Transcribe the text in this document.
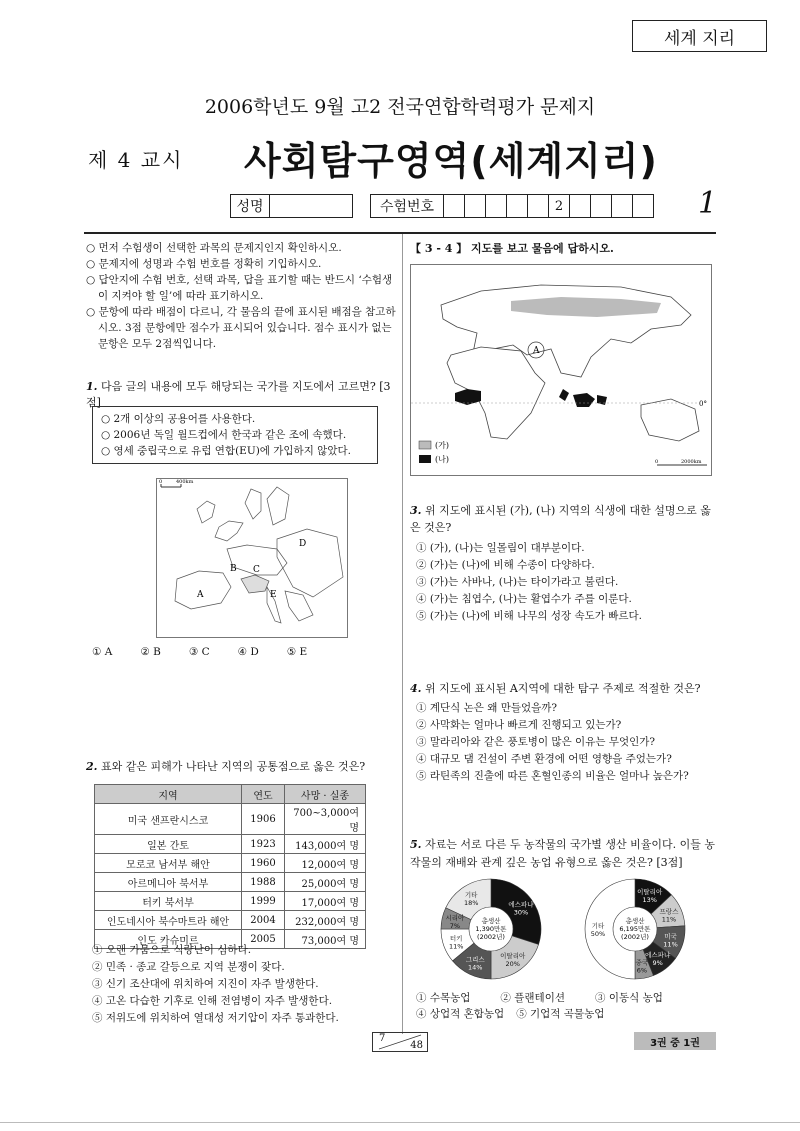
세계 지리
2006학년도 9월 고2 전국연합학력평가 문제지
제 4 교시 사회탐구영역(세계지리)
성명	수험번호	2	1
○ 먼저 수험생이 선택한 과목의 문제지인지 확인하시오.
○ 문제지에 성명과 수험 번호를 정확히 기입하시오.
○ 답안지에 수험 번호, 선택 과목, 답을 표기할 때는 반드시 ‘수험생이 지켜야 할 일’에 따라 표기하시오.
○ 문항에 따라 배점이 다르니, 각 물음의 끝에 표시된 배점을 참고하시오. 3점 문항에만 점수가 표시되어 있습니다. 점수 표시가 없는 문항은 모두 2점씩입니다.
1. 다음 글의 내용에 모두 해당되는 국가를 지도에서 고르면? [3점]
○ 2개 이상의 공용어를 사용한다.
○ 2006년 독일 월드컵에서 한국과 같은 조에 속했다.
○ 영세 중립국으로 유럽 연합(EU)에 가입하지 않았다.
0	400km
A
B C
D
E
① A	② B	③ C	④ D	⑤ E
2. 표와 같은 피해가 나타난 지역의 공통점으로 옳은 것은?
지역	연도	사망 · 실종
미국 샌프란시스코	1906	700~3,000여 명
일본 간토	1923	143,000여 명
모로코 남서부 해안	1960	12,000여 명
아르메니아 북서부	1988	25,000여 명
터키 북서부	1999	17,000여 명
인도네시아 북수마트라 해안	2004	232,000여 명
인도 카슈미르	2005	73,000여 명
① 오랜 가뭄으로 식량난이 심하다.
② 민족 · 종교 갈등으로 지역 분쟁이 잦다.
③ 신기 조산대에 위치하여 지진이 자주 발생한다.
④ 고온 다습한 기후로 인해 전염병이 자주 발생한다.
⑤ 저위도에 위치하여 열대성 저기압이 자주 통과한다.
【 3 - 4 】 지도를 보고 물음에 답하시오.
A
0°
0	2000km
(가)
(나)
3. 위 지도에 표시된 (가), (나) 지역의 식생에 대한 설명으로 옳은 것은?
① (가), (나)는 일몰림이 대부분이다.
② (가)는 (나)에 비해 수종이 다양하다.
③ (가)는 사바나, (나)는 타이가라고 불린다.
④ (가)는 침엽수, (나)는 활엽수가 주를 이룬다.
⑤ (가)는 (나)에 비해 나무의 성장 속도가 빠르다.
4. 위 지도에 표시된 A지역에 대한 탐구 주제로 적절한 것은?
① 계단식 논은 왜 만들었을까?
② 사막화는 얼마나 빠르게 진행되고 있는가?
③ 말라리아와 같은 풍토병이 많은 이유는 무엇인가?
④ 대규모 댐 건설이 주변 환경에 어떤 영향을 주었는가?
⑤ 라틴족의 진출에 따른 혼혈인종의 비율은 얼마나 높은가?
5. 자료는 서로 다른 두 농작물의 국가별 생산 비율이다. 이들 농작물의 재배와 관계 깊은 농업 유형으로 옳은 것은? [3점]
총생산
1,390만톤
(2002년)
에스파냐
30%
이탈리아
20%
그리스
14%
터키
11%
시리아
7%
기타
18%
총생산
6,195만톤
(2002년)
이탈리아
13%
프랑스
11%
미국
11%
에스파냐
9%
중국
6%
기타
50%
① 수목농업	② 플랜테이션	③ 이동식 농업
④ 상업적 혼합농업 ⑤ 기업적 곡물농업
7
48	3권 중 1권
